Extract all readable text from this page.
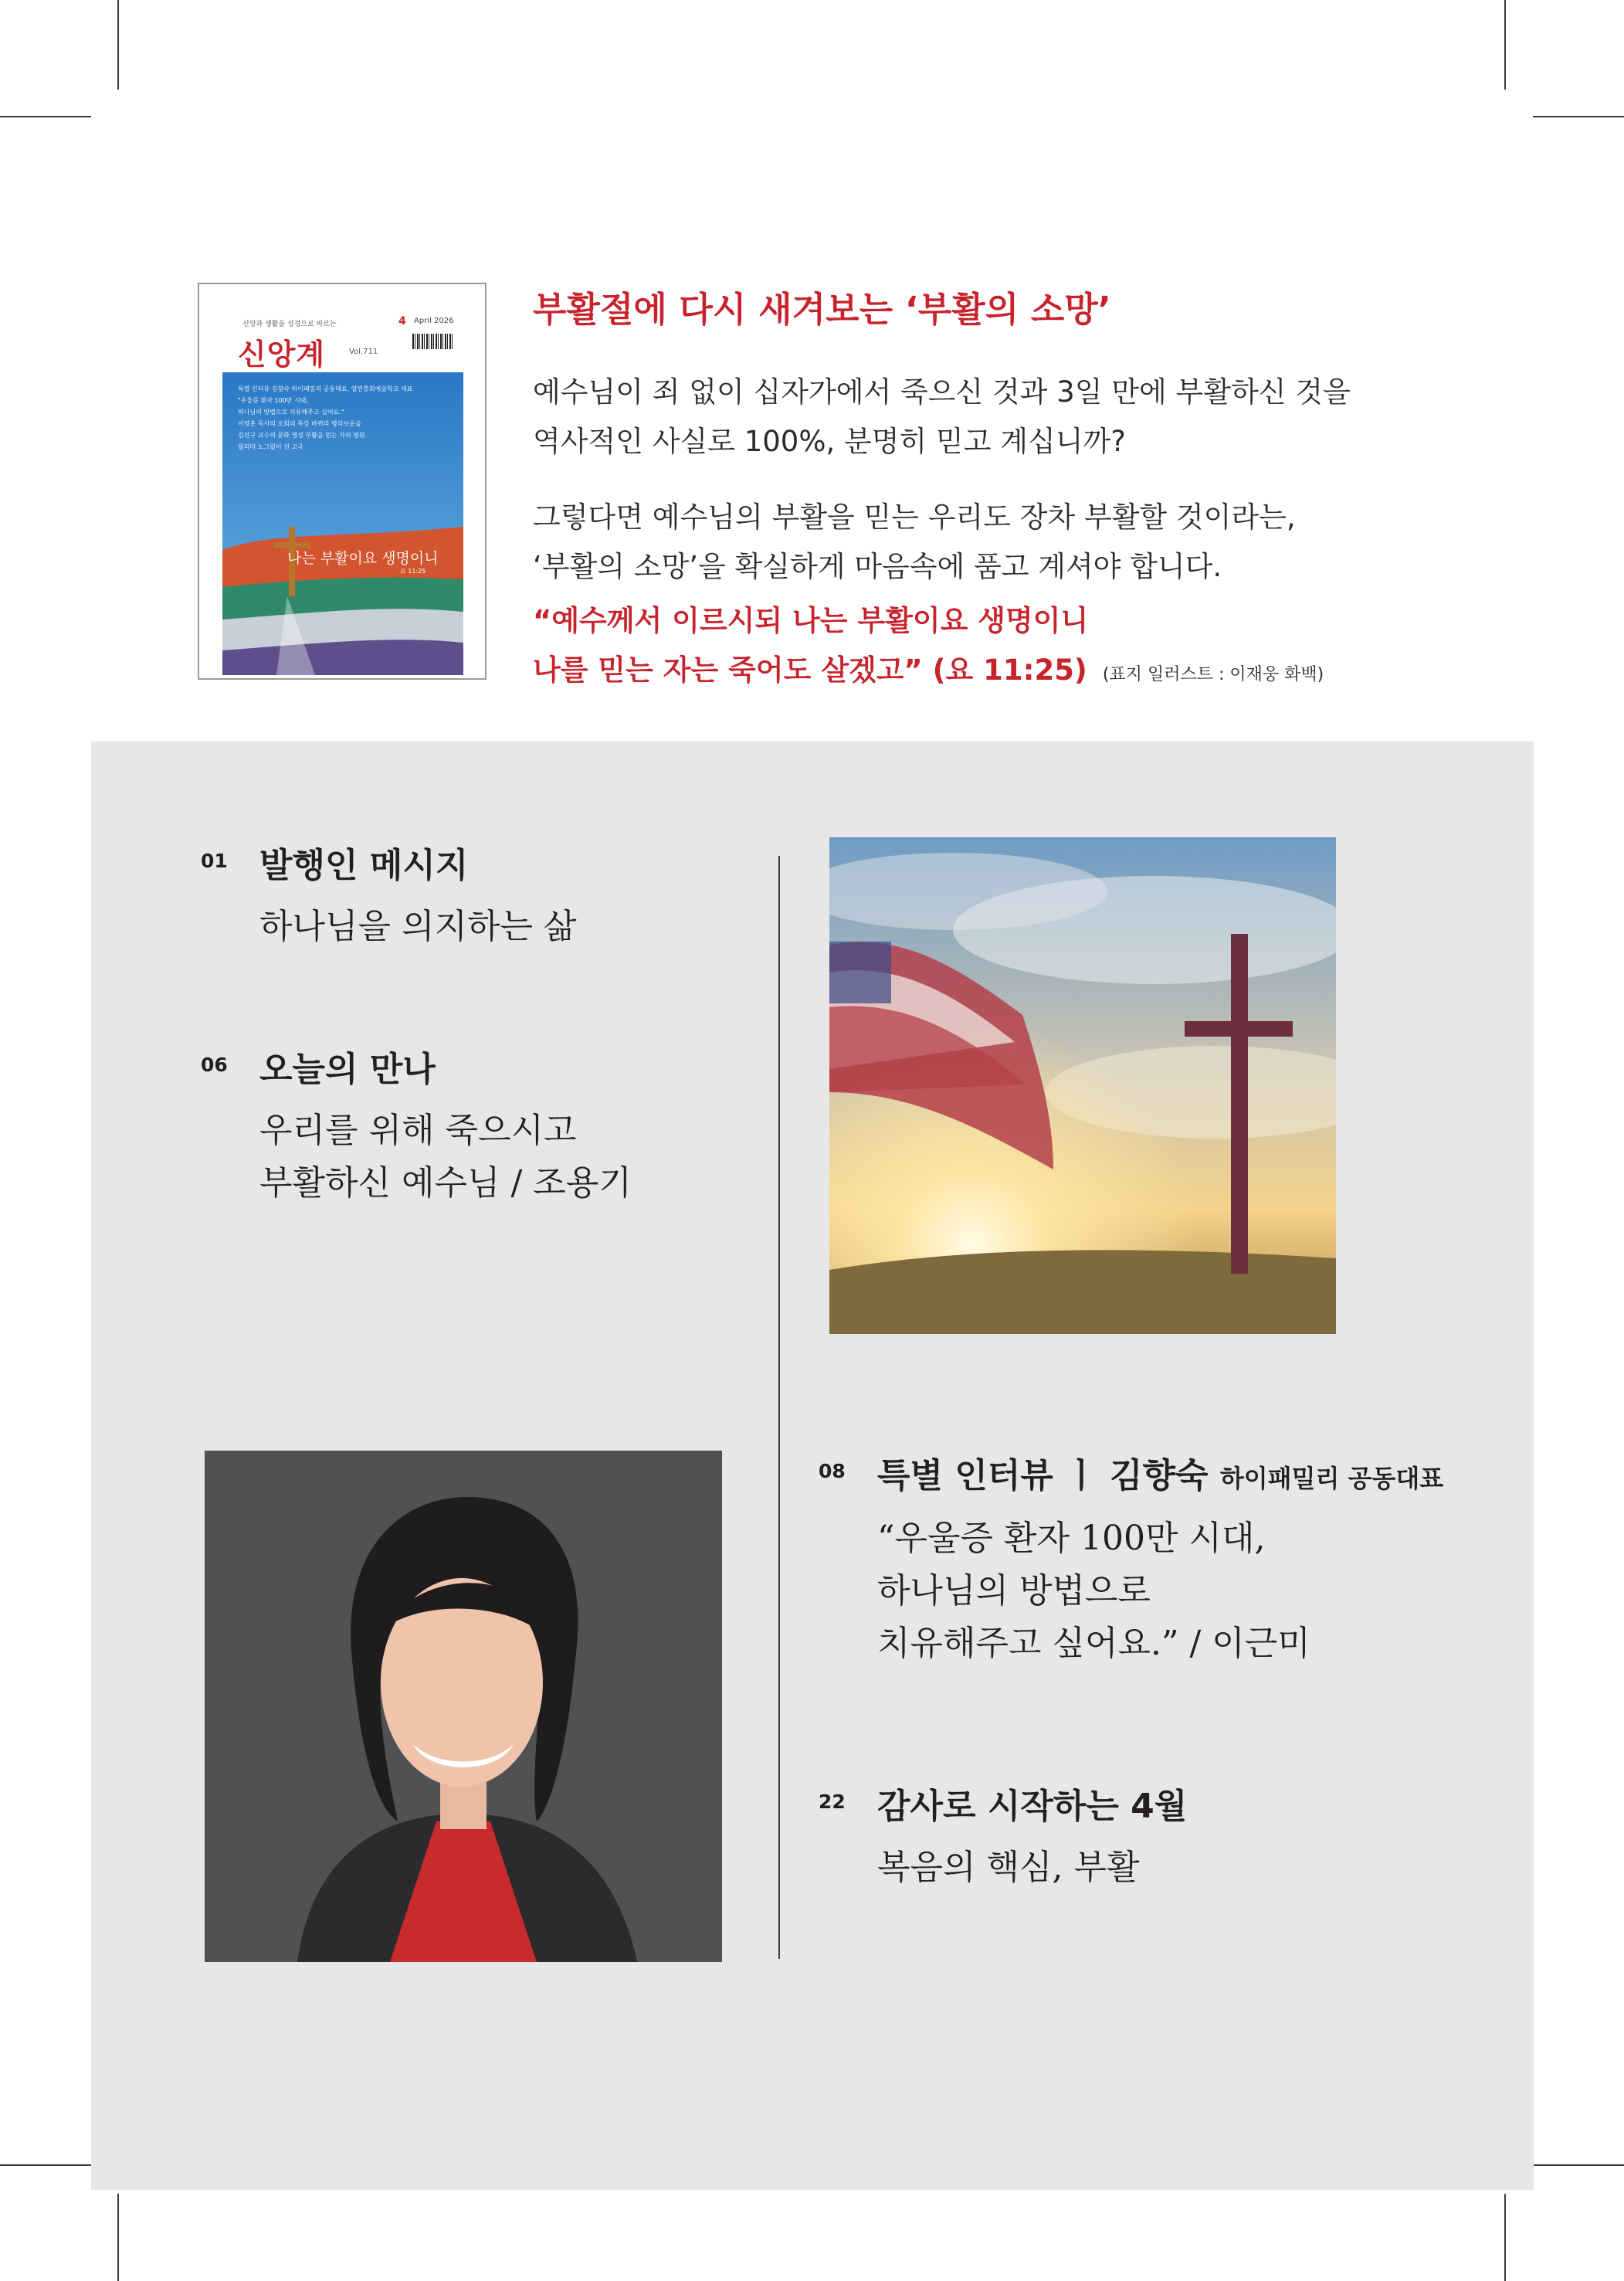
신앙과 생활을 성경으로 바르는
신앙계	Vol.711
4 April 2026
특별 인터뷰 김향숙 하이패밀리 공동대표, 열린총회예술학교 대표
"우울증 환자 100만 시대,
하나님의 방법으로 치유해주고 싶어요."
이영훈 목사의 오회의 특강 바뀌리 명삭보운을
김선구 교수의 문화 영성 부활을 믿는 자의 영원
월리마 노그릴이 권 고국
나는 부활이요 생명이니
요 11:25
부활절에 다시 새겨보는 ‘부활의 소망’
예수님이 죄 없이 십자가에서 죽으신 것과 3일 만에 부활하신 것을
역사적인 사실로 100%, 분명히 믿고 계십니까?
그렇다면 예수님의 부활을 믿는 우리도 장차 부활할 것이라는,
‘부활의 소망’을 확실하게 마음속에 품고 계셔야 합니다.
“예수께서 이르시되 나는 부활이요 생명이니
나를 믿는 자는 죽어도 살겠고” (요 11:25) (표지 일러스트 : 이재웅 화백)
01 발행인 메시지
하나님을 의지하는 삶
06 오늘의 만나
우리를 위해 죽으시고
부활하신 예수님 / 조용기
08 특별 인터뷰 ㅣ 김향숙 하이패밀리 공동대표
“우울증 환자 100만 시대,
하나님의 방법으로
치유해주고 싶어요.” / 이근미
22 감사로 시작하는 4월
복음의 핵심, 부활
